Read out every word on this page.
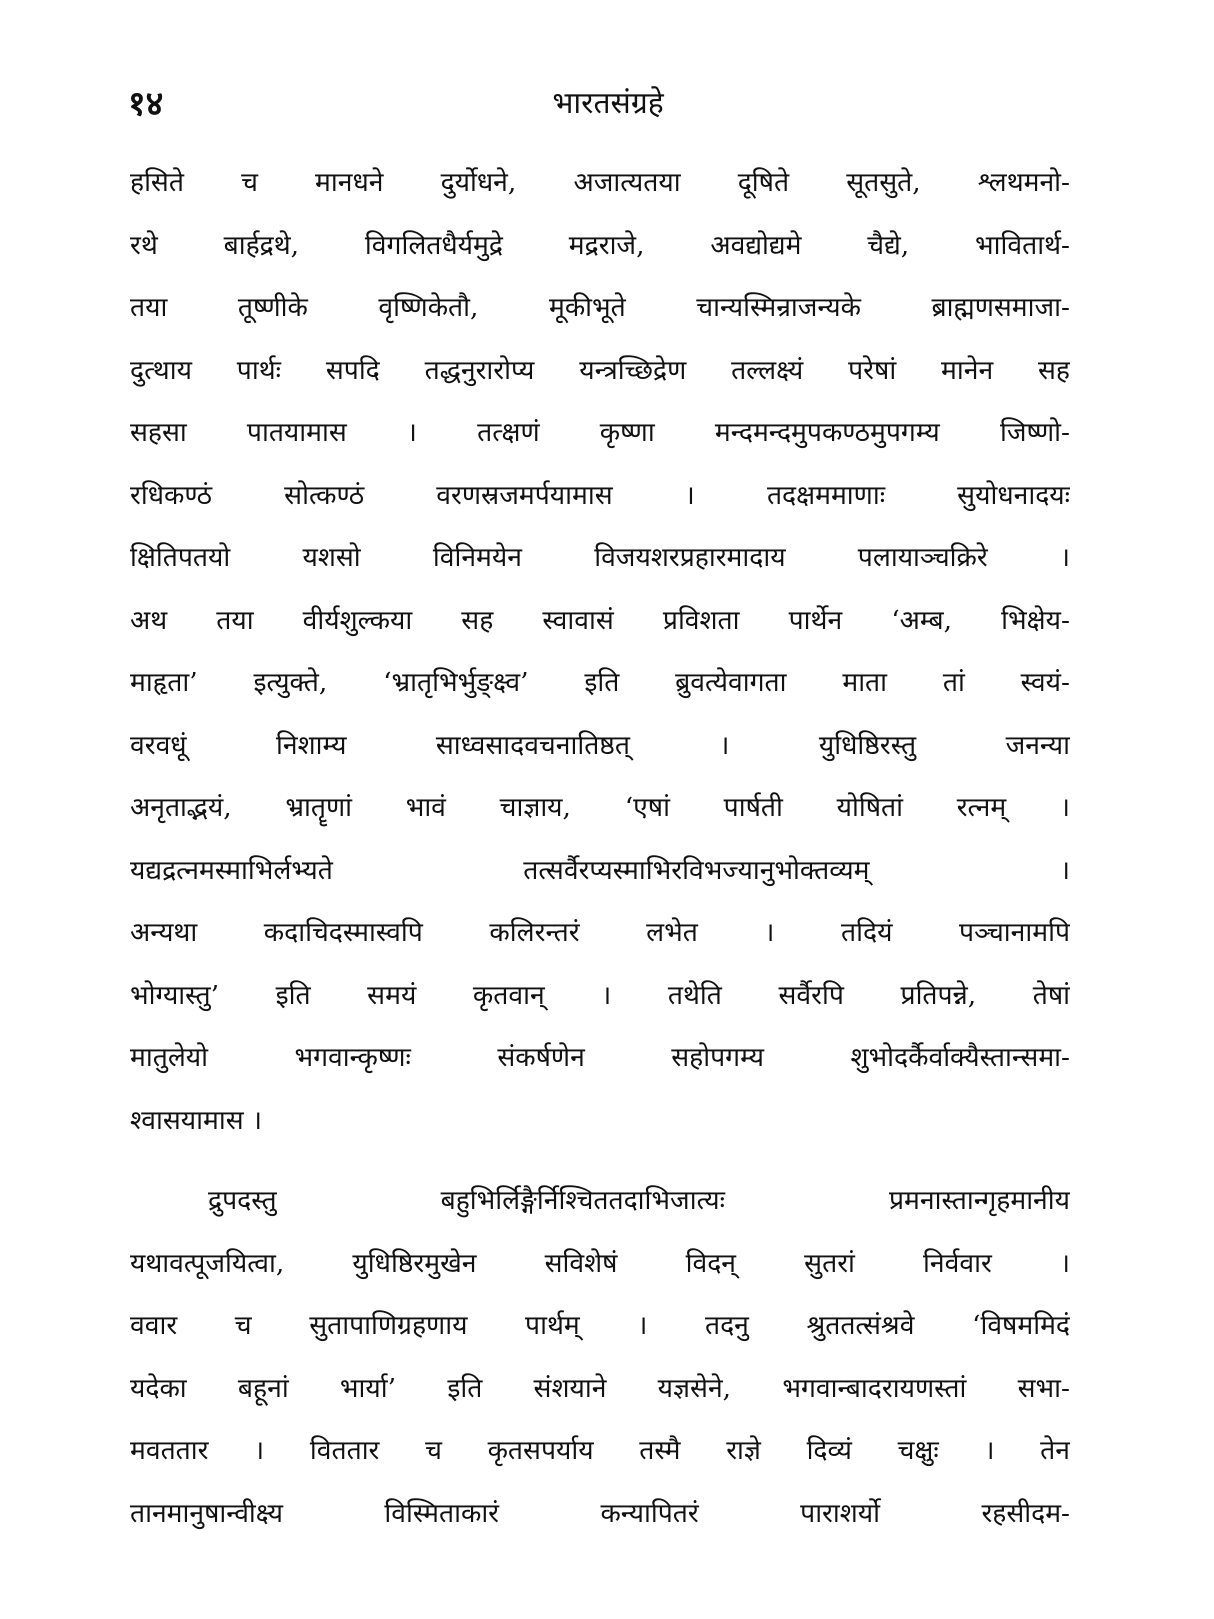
१४	भारतसंग्रहे
हसिते च मानधने दुर्योधने, अजात्यतया दूषिते सूतसुते, श्लथमनो-
रथे बार्हद्रथे, विगलितधैर्यमुद्रे मद्रराजे, अवद्योद्यमे चैद्ये, भावितार्थ-
तया तूष्णीके वृष्णिकेतौ, मूकीभूते चान्यस्मिन्राजन्यके ब्राह्मणसमाजा-
दुत्थाय पार्थः सपदि तद्धनुरारोप्य यन्त्रच्छिद्रेण तल्लक्ष्यं परेषां मानेन सह
सहसा पातयामास । तत्क्षणं कृष्णा मन्दमन्दमुपकण्ठमुपगम्य जिष्णो-
रधिकण्ठं सोत्कण्ठं वरणस्रजमर्पयामास । तदक्षममाणाः सुयोधनादयः
क्षितिपतयो यशसो विनिमयेन विजयशरप्रहारमादाय पलायाञ्चक्रिरे ।
अथ तया वीर्यशुल्कया सह स्वावासं प्रविशता पार्थेन ‘अम्ब, भिक्षेय-
माहृता’ इत्युक्ते, ‘भ्रातृभिर्भुङ्क्ष्व’ इति ब्रुवत्येवागता माता तां स्वयं-
वरवधूं निशाम्य साध्वसादवचनातिष्ठत् । युधिष्ठिरस्तु जनन्या
अनृताद्भयं, भ्रातॄणां भावं चाज्ञाय, ‘एषां पार्षती योषितां रत्नम् ।
यद्यद्रत्नमस्माभिर्लभ्यते तत्सर्वैरप्यस्माभिरविभज्यानुभोक्तव्यम् ।
अन्यथा कदाचिदस्मास्वपि कलिरन्तरं लभेत । तदियं पञ्चानामपि
भोग्यास्तु’ इति समयं कृतवान् । तथेति सर्वैरपि प्रतिपन्ने, तेषां
मातुलेयो भगवान्कृष्णः संकर्षणेन सहोपगम्य शुभोदर्कैर्वाक्यैस्तान्समा-
श्वासयामास ।
द्रुपदस्तु बहुभिर्लिङ्गैर्निश्चिततदाभिजात्यः प्रमनास्तान्गृहमानीय
यथावत्पूजयित्वा, युधिष्ठिरमुखेन सविशेषं विदन् सुतरां निर्ववार ।
ववार च सुतापाणिग्रहणाय पार्थम् । तदनु श्रुततत्संश्रवे ‘विषममिदं
यदेका बहूनां भार्या’ इति संशयाने यज्ञसेने, भगवान्बादरायणस्तां सभा-
मवततार । विततार च कृतसपर्याय तस्मै राज्ञे दिव्यं चक्षुः । तेन
तानमानुषान्वीक्ष्य विस्मिताकारं कन्यापितरं पाराशर्यो रहसीदम-
